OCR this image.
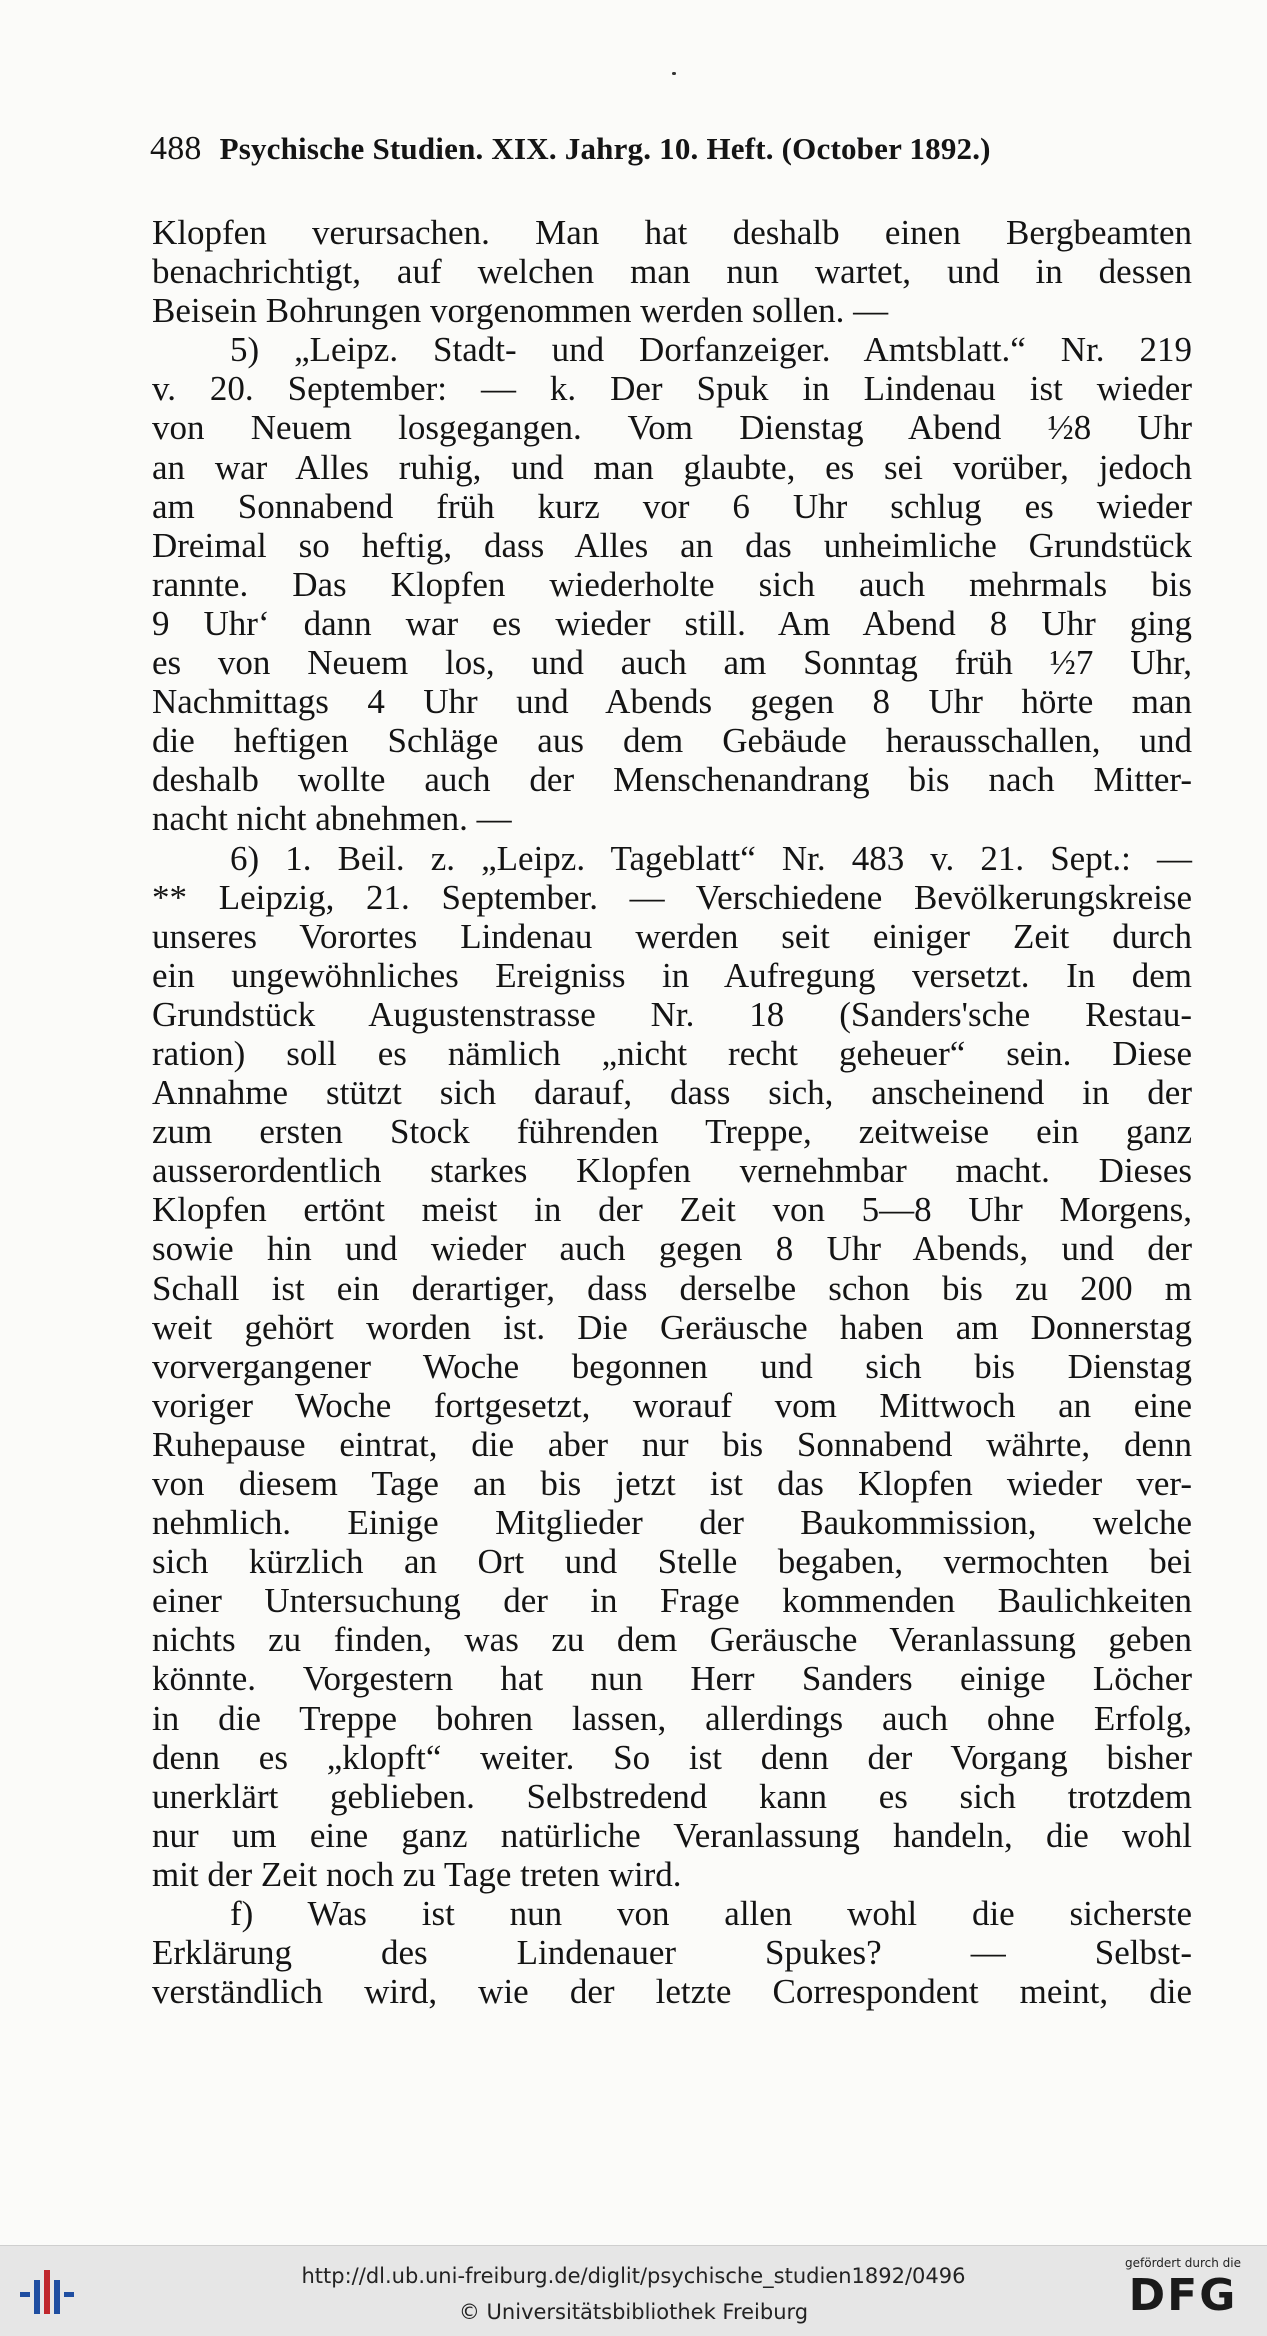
488 Psychische Studien. XIX. Jahrg. 10. Heft. (October 1892.)
Klopfen verursachen. Man hat deshalb einen Bergbeamten
benachrichtigt, auf welchen man nun wartet, und in dessen
Beisein Bohrungen vorgenommen werden sollen. —
5) „Leipz. Stadt- und Dorfanzeiger. Amtsblatt.“ Nr. 219
v. 20. September: — k. Der Spuk in Lindenau ist wieder
von Neuem losgegangen. Vom Dienstag Abend ½8 Uhr
an war Alles ruhig, und man glaubte, es sei vorüber, jedoch
am Sonnabend früh kurz vor 6 Uhr schlug es wieder
Dreimal so heftig, dass Alles an das unheimliche Grundstück
rannte. Das Klopfen wiederholte sich auch mehrmals bis
9 Uhr‘ dann war es wieder still. Am Abend 8 Uhr ging
es von Neuem los, und auch am Sonntag früh ½7 Uhr,
Nachmittags 4 Uhr und Abends gegen 8 Uhr hörte man
die heftigen Schläge aus dem Gebäude herausschallen, und
deshalb wollte auch der Menschenandrang bis nach Mitter-
nacht nicht abnehmen. —
6) 1. Beil. z. „Leipz. Tageblatt“ Nr. 483 v. 21. Sept.: —
** Leipzig, 21. September. — Verschiedene Bevölkerungskreise
unseres Vorortes Lindenau werden seit einiger Zeit durch
ein ungewöhnliches Ereigniss in Aufregung versetzt. In dem
Grundstück Augustenstrasse Nr. 18 (Sanders'sche Restau-
ration) soll es nämlich „nicht recht geheuer“ sein. Diese
Annahme stützt sich darauf, dass sich, anscheinend in der
zum ersten Stock führenden Treppe, zeitweise ein ganz
ausserordentlich starkes Klopfen vernehmbar macht. Dieses
Klopfen ertönt meist in der Zeit von 5—8 Uhr Morgens,
sowie hin und wieder auch gegen 8 Uhr Abends, und der
Schall ist ein derartiger, dass derselbe schon bis zu 200 m
weit gehört worden ist. Die Geräusche haben am Donnerstag
vorvergangener Woche begonnen und sich bis Dienstag
voriger Woche fortgesetzt, worauf vom Mittwoch an eine
Ruhepause eintrat, die aber nur bis Sonnabend währte, denn
von diesem Tage an bis jetzt ist das Klopfen wieder ver-
nehmlich. Einige Mitglieder der Baukommission, welche
sich kürzlich an Ort und Stelle begaben, vermochten bei
einer Untersuchung der in Frage kommenden Baulichkeiten
nichts zu finden, was zu dem Geräusche Veranlassung geben
könnte. Vorgestern hat nun Herr Sanders einige Löcher
in die Treppe bohren lassen, allerdings auch ohne Erfolg,
denn es „klopft“ weiter. So ist denn der Vorgang bisher
unerklärt geblieben. Selbstredend kann es sich trotzdem
nur um eine ganz natürliche Veranlassung handeln, die wohl
mit der Zeit noch zu Tage treten wird.
f) Was ist nun von allen wohl die sicherste
Erklärung des Lindenauer Spukes? — Selbst-
verständlich wird, wie der letzte Correspondent meint, die
http://dl.ub.uni-freiburg.de/diglit/psychische_studien1892/0496
© Universitätsbibliothek Freiburg
gefördert durch die
DFG
